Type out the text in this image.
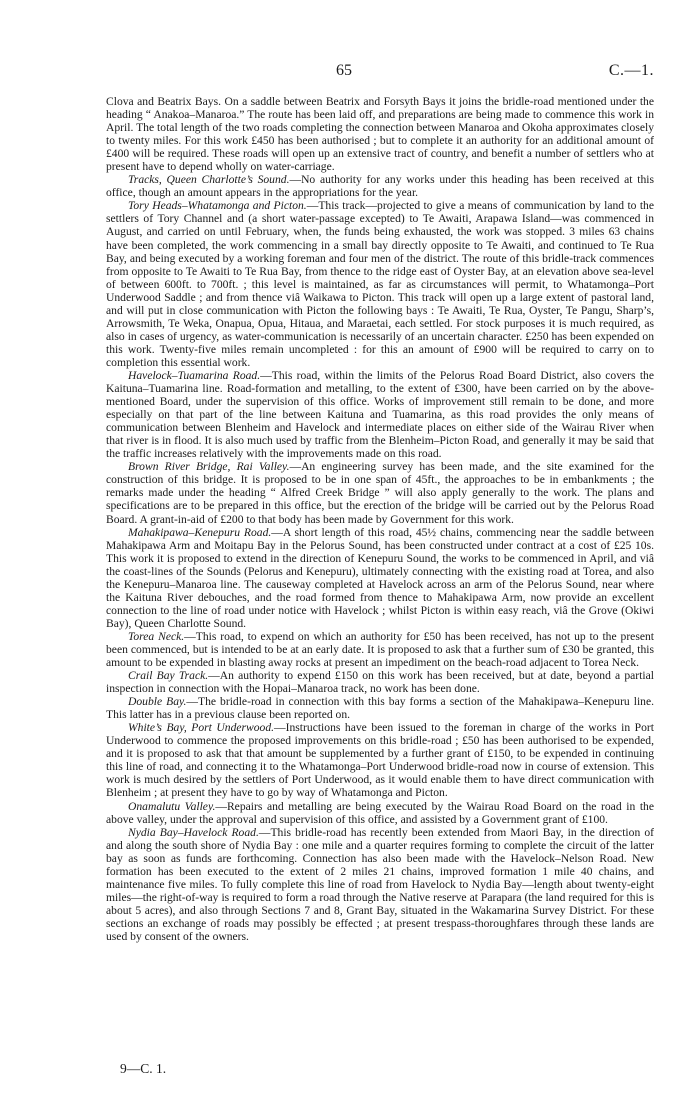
65	C.—1.

Clova and Beatrix Bays. On a saddle between Beatrix and Forsyth Bays it joins the bridle-road mentioned under the heading “ Anakoa–Manaroa.” The route has been laid off, and preparations are being made to commence this work in April. The total length of the two roads completing the connection between Manaroa and Okoha approximates closely to twenty miles. For this work £450 has been authorised ; but to complete it an authority for an additional amount of £400 will be required. These roads will open up an extensive tract of country, and benefit a number of settlers who at present have to depend wholly on water-carriage.

Tracks, Queen Charlotte’s Sound.—No authority for any works under this heading has been received at this office, though an amount appears in the appropriations for the year.

Tory Heads–Whatamonga and Picton.—This track—projected to give a means of communication by land to the settlers of Tory Channel and (a short water-passage excepted) to Te Awaiti, Arapawa Island—was commenced in August, and carried on until February, when, the funds being exhausted, the work was stopped. 3 miles 63 chains have been completed, the work commencing in a small bay directly opposite to Te Awaiti, and continued to Te Rua Bay, and being executed by a working foreman and four men of the district. The route of this bridle-track commences from opposite to Te Awaiti to Te Rua Bay, from thence to the ridge east of Oyster Bay, at an elevation above sea-level of between 600ft. to 700ft. ; this level is maintained, as far as circumstances will permit, to Whatamonga–Port Underwood Saddle ; and from thence viâ Waikawa to Picton. This track will open up a large extent of pastoral land, and will put in close communication with Picton the following bays : Te Awaiti, Te Rua, Oyster, Te Pangu, Sharp’s, Arrowsmith, Te Weka, Onapua, Opua, Hitaua, and Maraetai, each settled. For stock purposes it is much required, as also in cases of urgency, as water-communication is necessarily of an uncertain character. £250 has been expended on this work. Twenty-five miles remain uncompleted : for this an amount of £900 will be required to carry on to completion this essential work.

Havelock–Tuamarina Road.—This road, within the limits of the Pelorus Road Board District, also covers the Kaituna–Tuamarina line. Road-formation and metalling, to the extent of £300, have been carried on by the above-mentioned Board, under the supervision of this office. Works of improvement still remain to be done, and more especially on that part of the line between Kaituna and Tuamarina, as this road provides the only means of communication between Blenheim and Havelock and intermediate places on either side of the Wairau River when that river is in flood. It is also much used by traffic from the Blenheim–Picton Road, and generally it may be said that the traffic increases relatively with the improvements made on this road.

Brown River Bridge, Rai Valley.—An engineering survey has been made, and the site examined for the construction of this bridge. It is proposed to be in one span of 45ft., the approaches to be in embankments ; the remarks made under the heading “ Alfred Creek Bridge ” will also apply generally to the work. The plans and specifications are to be prepared in this office, but the erection of the bridge will be carried out by the Pelorus Road Board. A grant-in-aid of £200 to that body has been made by Government for this work.

Mahakipawa–Kenepuru Road.—A short length of this road, 45½ chains, commencing near the saddle between Mahakipawa Arm and Moitapu Bay in the Pelorus Sound, has been constructed under contract at a cost of £25 10s. This work it is proposed to extend in the direction of Kenepuru Sound, the works to be commenced in April, and viâ the coast-lines of the Sounds (Pelorus and Kenepuru), ultimately connecting with the existing road at Torea, and also the Kenepuru–Manaroa line. The causeway completed at Havelock across an arm of the Pelorus Sound, near where the Kaituna River debouches, and the road formed from thence to Mahakipawa Arm, now provide an excellent connection to the line of road under notice with Havelock ; whilst Picton is within easy reach, viâ the Grove (Okiwi Bay), Queen Charlotte Sound.

Torea Neck.—This road, to expend on which an authority for £50 has been received, has not up to the present been commenced, but is intended to be at an early date. It is proposed to ask that a further sum of £30 be granted, this amount to be expended in blasting away rocks at present an impediment on the beach-road adjacent to Torea Neck.

Crail Bay Track.—An authority to expend £150 on this work has been received, but at date, beyond a partial inspection in connection with the Hopai–Manaroa track, no work has been done.

Double Bay.—The bridle-road in connection with this bay forms a section of the Mahakipawa–Kenepuru line. This latter has in a previous clause been reported on.

White’s Bay, Port Underwood.—Instructions have been issued to the foreman in charge of the works in Port Underwood to commence the proposed improvements on this bridle-road ; £50 has been authorised to be expended, and it is proposed to ask that that amount be supplemented by a further grant of £150, to be expended in continuing this line of road, and connecting it to the Whatamonga–Port Underwood bridle-road now in course of extension. This work is much desired by the settlers of Port Underwood, as it would enable them to have direct communication with Blenheim ; at present they have to go by way of Whatamonga and Picton.

Onamalutu Valley.—Repairs and metalling are being executed by the Wairau Road Board on the road in the above valley, under the approval and supervision of this office, and assisted by a Government grant of £100.

Nydia Bay–Havelock Road.—This bridle-road has recently been extended from Maori Bay, in the direction of and along the south shore of Nydia Bay : one mile and a quarter requires forming to complete the circuit of the latter bay as soon as funds are forthcoming. Connection has also been made with the Havelock–Nelson Road. New formation has been executed to the extent of 2 miles 21 chains, improved formation 1 mile 40 chains, and maintenance five miles. To fully complete this line of road from Havelock to Nydia Bay—length about twenty-eight miles—the right-of-way is required to form a road through the Native reserve at Parapara (the land required for this is about 5 acres), and also through Sections 7 and 8, Grant Bay, situated in the Wakamarina Survey District. For these sections an exchange of roads may possibly be effected ; at present trespass-thoroughfares through these lands are used by consent of the owners.

9—C. 1.
